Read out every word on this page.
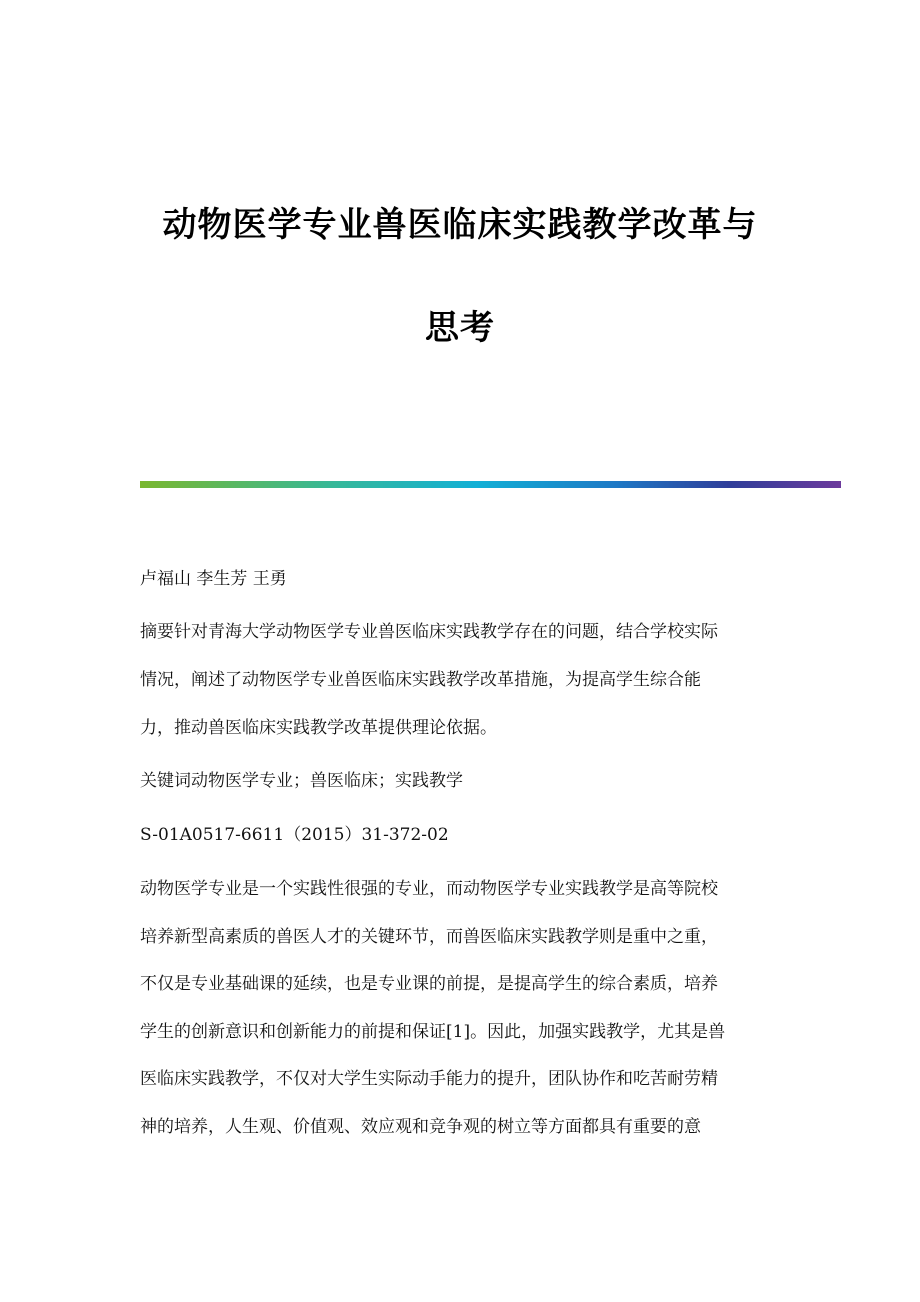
动物医学专业兽医临床实践教学改革与
思考
卢福山 李生芳 王勇
摘要针对青海大学动物医学专业兽医临床实践教学存在的问题，结合学校实际
情况，阐述了动物医学专业兽医临床实践教学改革措施，为提高学生综合能
力，推动兽医临床实践教学改革提供理论依据。
关键词动物医学专业；兽医临床；实践教学
S-01A0517-6611（2015）31-372-02
动物医学专业是一个实践性很强的专业，而动物医学专业实践教学是高等院校
培养新型高素质的兽医人才的关键环节，而兽医临床实践教学则是重中之重，
不仅是专业基础课的延续，也是专业课的前提，是提高学生的综合素质，培养
学生的创新意识和创新能力的前提和保证[1]。因此，加强实践教学，尤其是兽
医临床实践教学，不仅对大学生实际动手能力的提升，团队协作和吃苦耐劳精
神的培养，人生观、价值观、效应观和竞争观的树立等方面都具有重要的意
